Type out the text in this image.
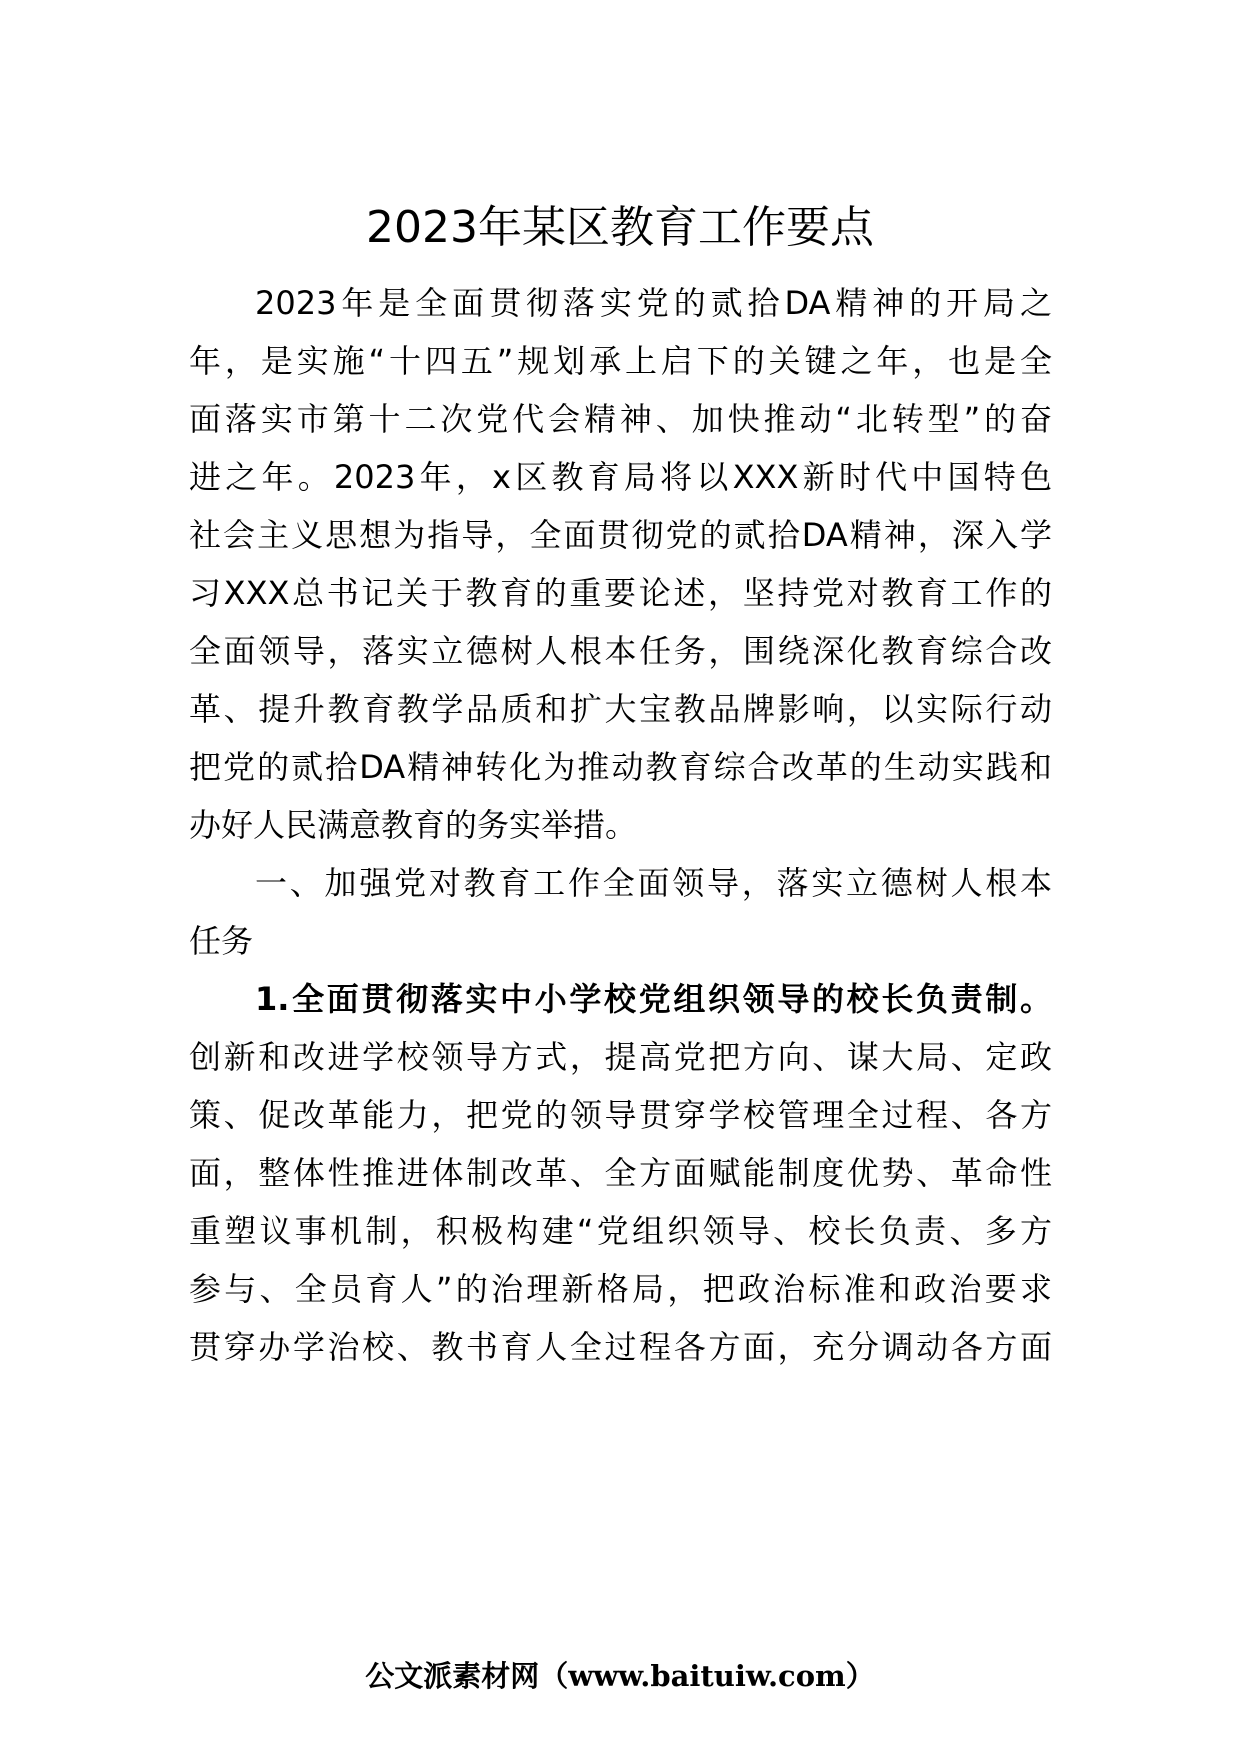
2023年某区教育工作要点
2023年是全面贯彻落实党的贰拾DA精神的开局之
年，是实施“十四五”规划承上启下的关键之年，也是全
面落实市第十二次党代会精神、加快推动“北转型”的奋
进之年。2023年，x区教育局将以XXX新时代中国特色
社会主义思想为指导，全面贯彻党的贰拾DA精神，深入学
习XXX总书记关于教育的重要论述，坚持党对教育工作的
全面领导，落实立德树人根本任务，围绕深化教育综合改
革、提升教育教学品质和扩大宝教品牌影响，以实际行动
把党的贰拾DA精神转化为推动教育综合改革的生动实践和
办好人民满意教育的务实举措。
一、加强党对教育工作全面领导，落实立德树人根本
任务
1.全面贯彻落实中小学校党组织领导的校长负责制。
创新和改进学校领导方式，提高党把方向、谋大局、定政
策、促改革能力，把党的领导贯穿学校管理全过程、各方
面，整体性推进体制改革、全方面赋能制度优势、革命性
重塑议事机制，积极构建“党组织领导、校长负责、多方
参与、全员育人”的治理新格局，把政治标准和政治要求
贯穿办学治校、教书育人全过程各方面，充分调动各方面
公文派素材网（www.baituiw.com）
